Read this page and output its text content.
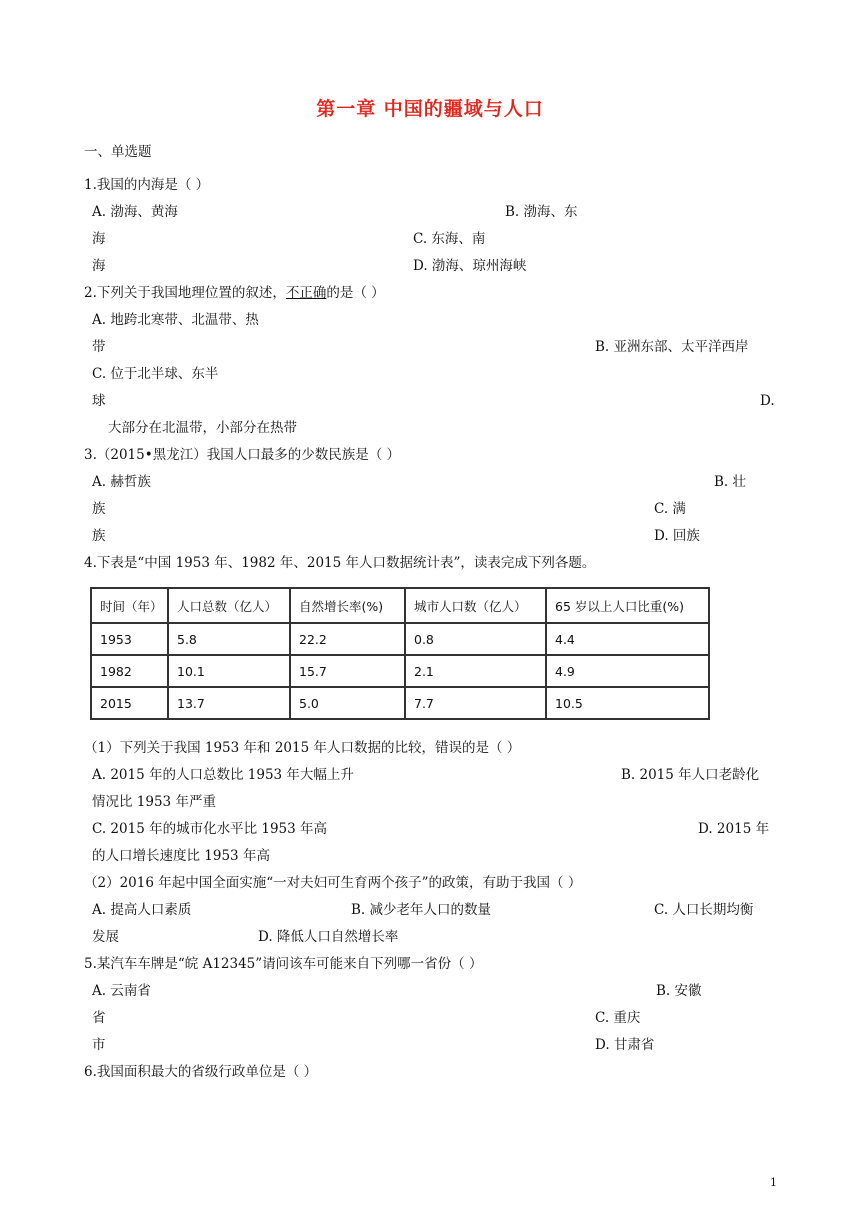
第一章 中国的疆域与人口
一、单选题
1.我国的内海是（ ）
A. 渤海、黄海	B. 渤海、东
海	C. 东海、南
海	D. 渤海、琼州海峡
2.下列关于我国地理位置的叙述，不正确的是（ ）
A. 地跨北寒带、北温带、热
带	B. 亚洲东部、太平洋西岸
C. 位于北半球、东半
球	D.
大部分在北温带，小部分在热带
3.（2015•黑龙江）我国人口最多的少数民族是（ ）
A. 赫哲族	B. 壮
族	C. 满
族	D. 回族
4.下表是“中国 1953 年、1982 年、2015 年人口数据统计表”，读表完成下列各题。
时间（年）	人口总数（亿人）	自然增长率(%)	城市人口数（亿人）	65 岁以上人口比重(%)
1953	5.8	22.2	0.8	4.4
1982	10.1	15.7	2.1	4.9
2015	13.7	5.0	7.7	10.5
（1）下列关于我国 1953 年和 2015 年人口数据的比较，错误的是（ ）
A. 2015 年的人口总数比 1953 年大幅上升	B. 2015 年人口老龄化
情况比 1953 年严重
C. 2015 年的城市化水平比 1953 年高	D. 2015 年
的人口增长速度比 1953 年高
（2）2016 年起中国全面实施“一对夫妇可生育两个孩子”的政策，有助于我国（ ）
A. 提高人口素质	B. 减少老年人口的数量	C. 人口长期均衡
发展	D. 降低人口自然增长率
5.某汽车车牌是“皖 A12345”请问该车可能来自下列哪一省份（ ）
A. 云南省	B. 安徽
省	C. 重庆
市	D. 甘肃省
6.我国面积最大的省级行政单位是（ ）
1
